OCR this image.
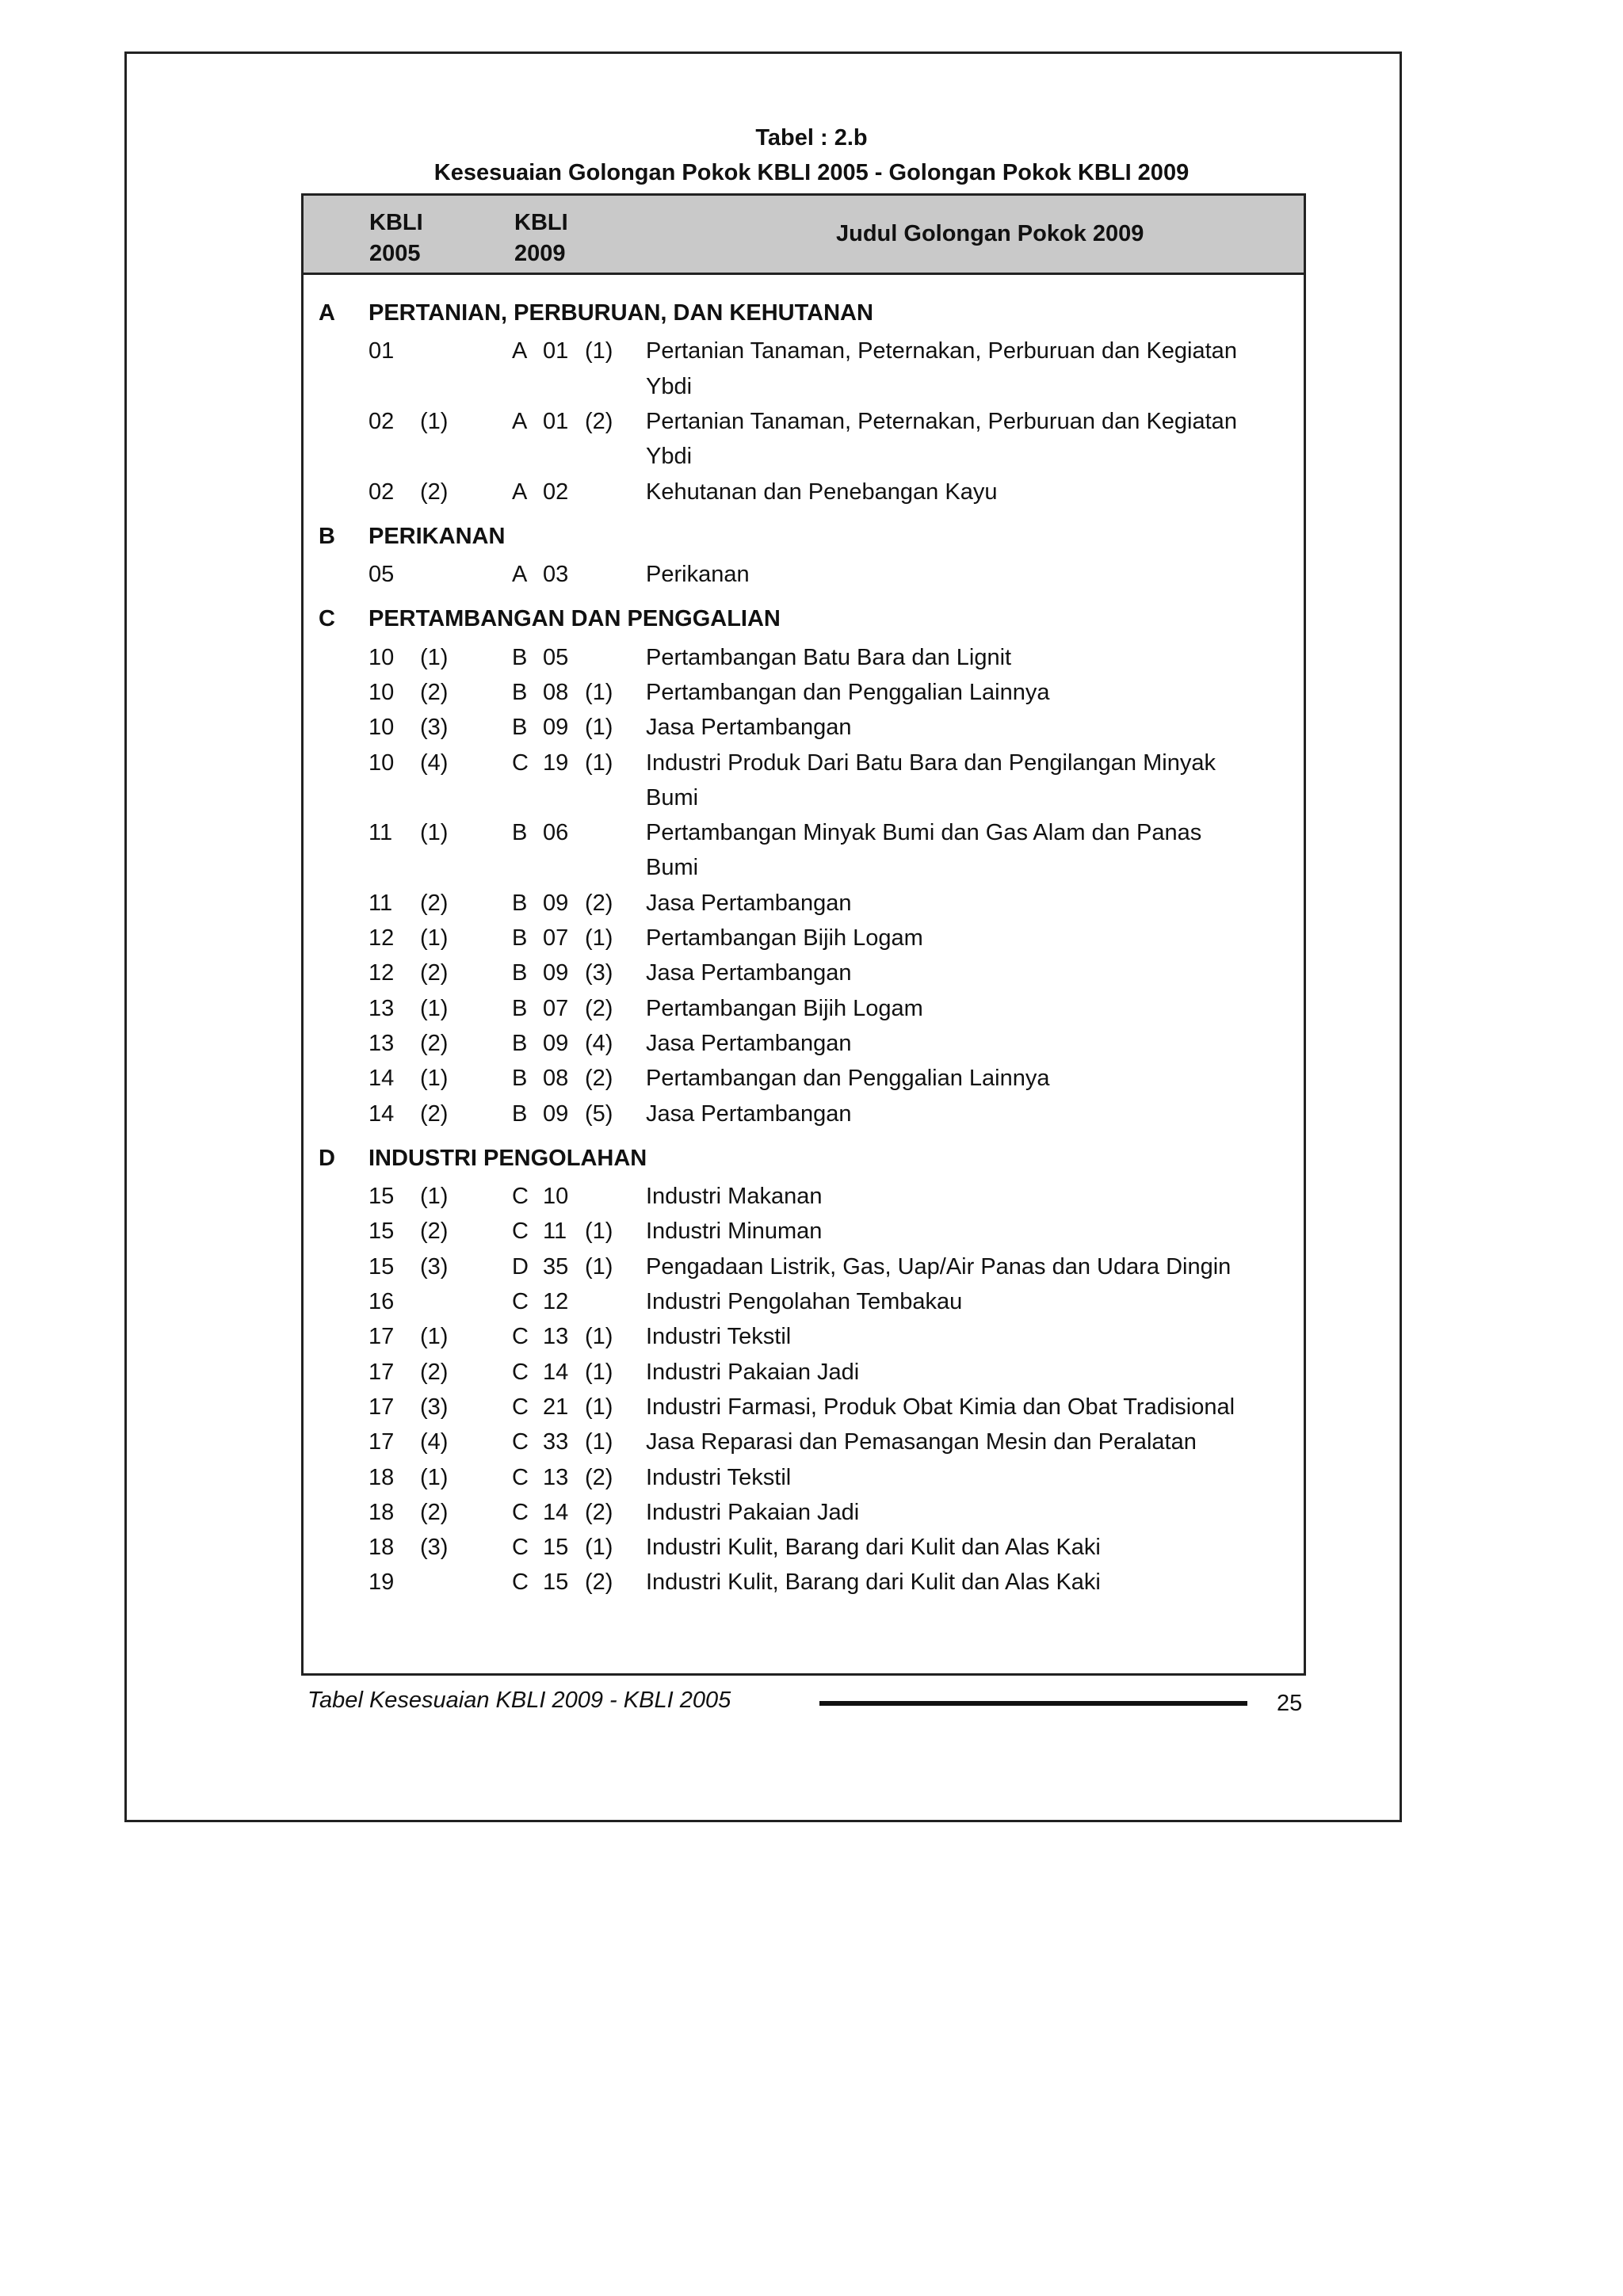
Tabel : 2.b
Kesesuaian Golongan Pokok KBLI 2005 - Golongan Pokok KBLI 2009
KBLI
2005
KBLI
2009
Judul Golongan Pokok 2009
A PERTANIAN, PERBURUAN, DAN KEHUTANAN
01	A 01 (1) Pertanian Tanaman, Peternakan, Perburuan dan Kegiatan
Ybdi
02 (1)	A 01 (2) Pertanian Tanaman, Peternakan, Perburuan dan Kegiatan
Ybdi
02 (2)	A 02	Kehutanan dan Penebangan Kayu
B PERIKANAN
05	A 03	Perikanan
C PERTAMBANGAN DAN PENGGALIAN
10 (1)	B 05	Pertambangan Batu Bara dan Lignit
10 (2)	B 08 (1) Pertambangan dan Penggalian Lainnya
10 (3)	B 09 (1) Jasa Pertambangan
10 (4)	C 19 (1) Industri Produk Dari Batu Bara dan Pengilangan Minyak
Bumi
11 (1)	B 06	Pertambangan Minyak Bumi dan Gas Alam dan Panas
Bumi
11 (2)	B 09 (2) Jasa Pertambangan
12 (1)	B 07 (1) Pertambangan Bijih Logam
12 (2)	B 09 (3) Jasa Pertambangan
13 (1)	B 07 (2) Pertambangan Bijih Logam
13 (2)	B 09 (4) Jasa Pertambangan
14 (1)	B 08 (2) Pertambangan dan Penggalian Lainnya
14 (2)	B 09 (5) Jasa Pertambangan
D INDUSTRI PENGOLAHAN
15 (1)	C 10	Industri Makanan
15 (2)	C 11 (1) Industri Minuman
15 (3)	D 35 (1) Pengadaan Listrik, Gas, Uap/Air Panas dan Udara Dingin
16	C 12	Industri Pengolahan Tembakau
17 (1)	C 13 (1) Industri Tekstil
17 (2)	C 14 (1) Industri Pakaian Jadi
17 (3)	C 21 (1) Industri Farmasi, Produk Obat Kimia dan Obat Tradisional
17 (4)	C 33 (1) Jasa Reparasi dan Pemasangan Mesin dan Peralatan
18 (1)	C 13 (2) Industri Tekstil
18 (2)	C 14 (2) Industri Pakaian Jadi
18 (3)	C 15 (1) Industri Kulit, Barang dari Kulit dan Alas Kaki
19	C 15 (2) Industri Kulit, Barang dari Kulit dan Alas Kaki
Tabel Kesesuaian KBLI 2009 - KBLI 2005	25
